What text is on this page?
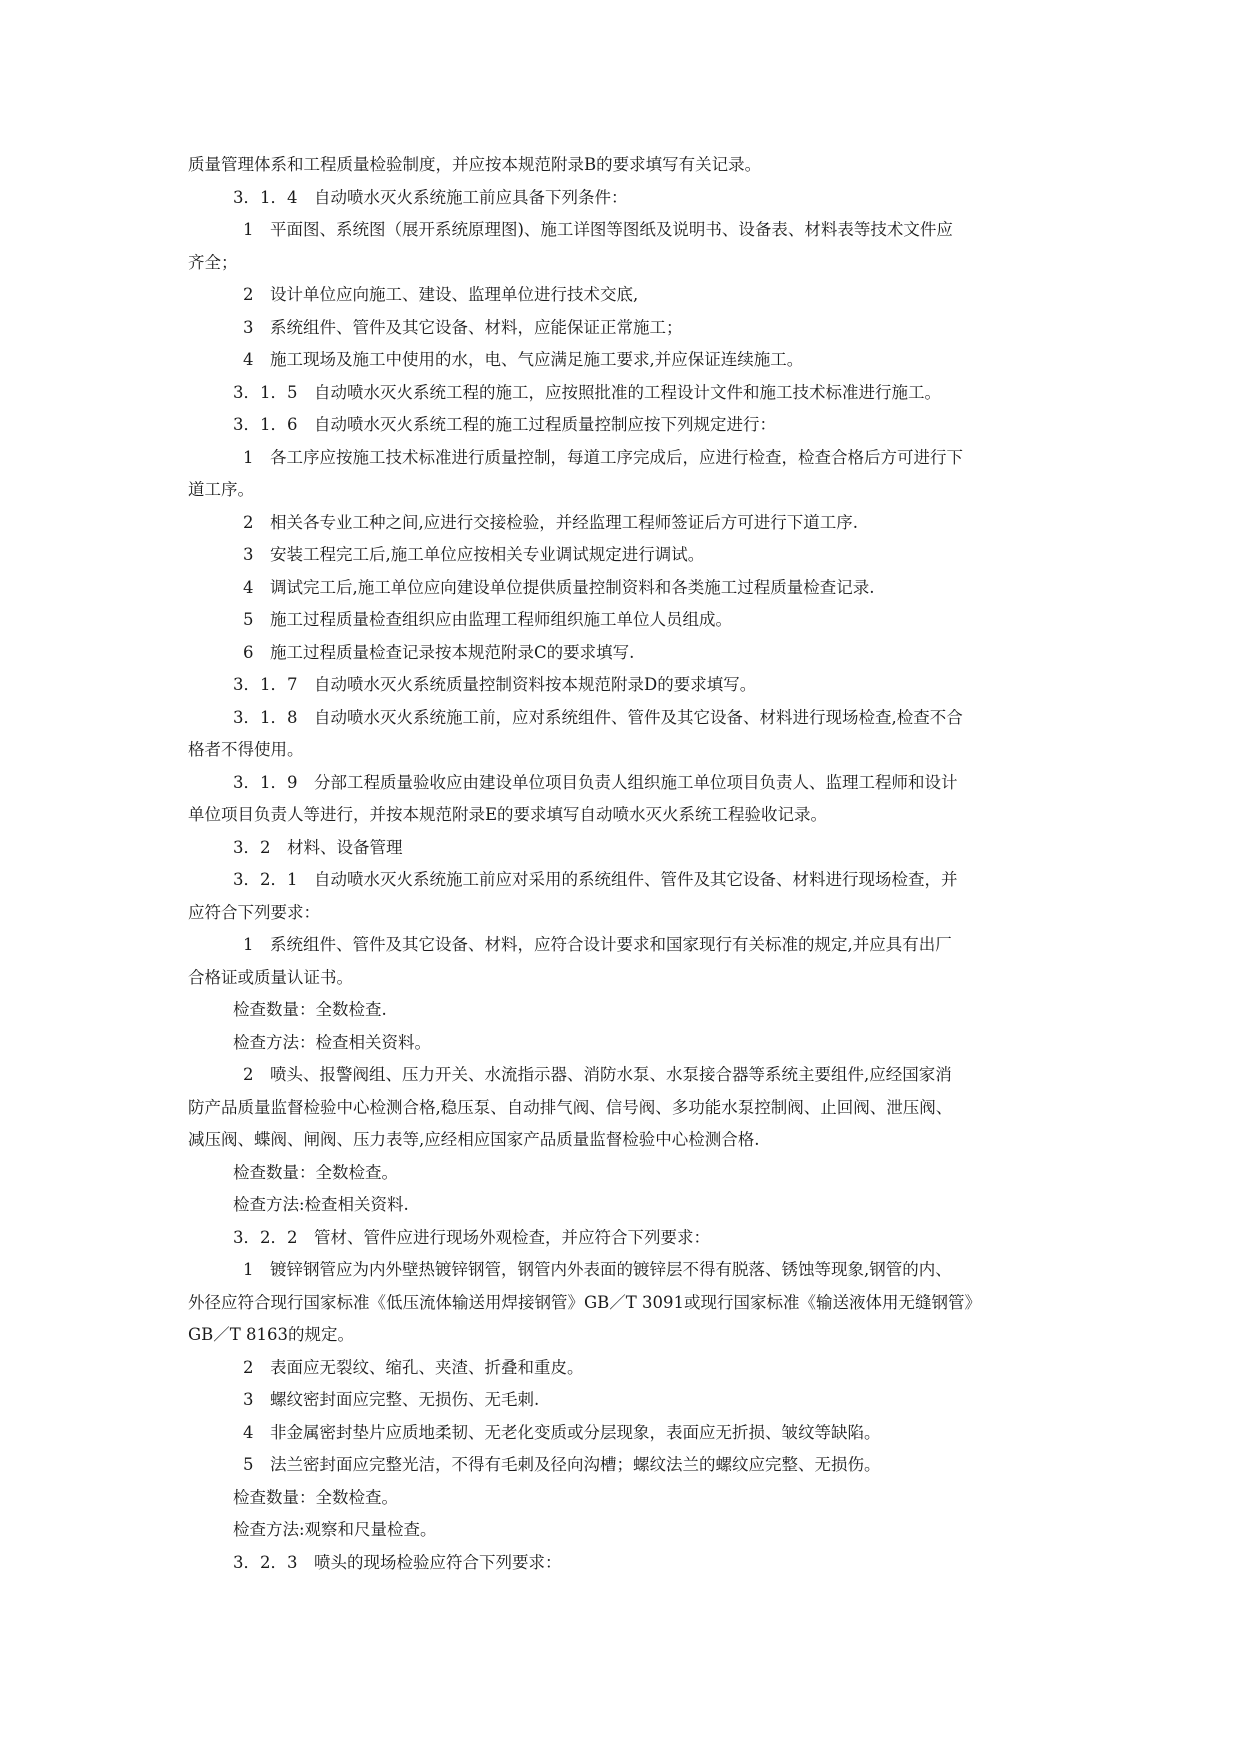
质量管理体系和工程质量检验制度，并应按本规范附录B的要求填写有关记录。
3．1．4　自动喷水灭火系统施工前应具备下列条件：
1　平面图、系统图（展开系统原理图)、施工详图等图纸及说明书、设备表、材料表等技术文件应
齐全；
2　设计单位应向施工、建设、监理单位进行技术交底,
3　系统组件、管件及其它设备、材料，应能保证正常施工；
4　施工现场及施工中使用的水，电、气应满足施工要求,并应保证连续施工。
3．1．5　自动喷水灭火系统工程的施工，应按照批准的工程设计文件和施工技术标准进行施工。
3．1．6　自动喷水灭火系统工程的施工过程质量控制应按下列规定进行：
1　各工序应按施工技术标准进行质量控制，每道工序完成后，应进行检查，检查合格后方可进行下
道工序。
2　相关各专业工种之间,应进行交接检验，并经监理工程师签证后方可进行下道工序.
3　安装工程完工后,施工单位应按相关专业调试规定进行调试。
4　调试完工后,施工单位应向建设单位提供质量控制资料和各类施工过程质量检查记录.
5　施工过程质量检查组织应由监理工程师组织施工单位人员组成。
6　施工过程质量检查记录按本规范附录C的要求填写.
3．1．7　自动喷水灭火系统质量控制资料按本规范附录D的要求填写。
3．1．8　自动喷水灭火系统施工前，应对系统组件、管件及其它设备、材料进行现场检查,检查不合
格者不得使用。
3．1．9　分部工程质量验收应由建设单位项目负责人组织施工单位项目负责人、监理工程师和设计
单位项目负责人等进行，并按本规范附录E的要求填写自动喷水灭火系统工程验收记录。
3．2　材料、设备管理
3．2．1　自动喷水灭火系统施工前应对采用的系统组件、管件及其它设备、材料进行现场检查，并
应符合下列要求：
1　系统组件、管件及其它设备、材料，应符合设计要求和国家现行有关标准的规定,并应具有出厂
合格证或质量认证书。
检查数量：全数检查.
检查方法：检查相关资料。
2　喷头、报警阀组、压力开关、水流指示器、消防水泵、水泵接合器等系统主要组件,应经国家消
防产品质量监督检验中心检测合格,稳压泵、自动排气阀、信号阀、多功能水泵控制阀、止回阀、泄压阀、
减压阀、蝶阀、闸阀、压力表等,应经相应国家产品质量监督检验中心检测合格.
检查数量：全数检查。
检查方法:检查相关资料.
3．2．2　管材、管件应进行现场外观检查，并应符合下列要求：
1　镀锌钢管应为内外壁热镀锌钢管，钢管内外表面的镀锌层不得有脱落、锈蚀等现象,钢管的内、
外径应符合现行国家标准《低压流体输送用焊接钢管》GB／T 3091或现行国家标准《输送液体用无缝钢管》
GB／T 8163的规定。
2　表面应无裂纹、缩孔、夹渣、折叠和重皮。
3　螺纹密封面应完整、无损伤、无毛刺.
4　非金属密封垫片应质地柔韧、无老化变质或分层现象，表面应无折损、皱纹等缺陷。
5　法兰密封面应完整光洁，不得有毛刺及径向沟槽；螺纹法兰的螺纹应完整、无损伤。
检查数量：全数检查。
检查方法:观察和尺量检查。
3．2．3　喷头的现场检验应符合下列要求：
